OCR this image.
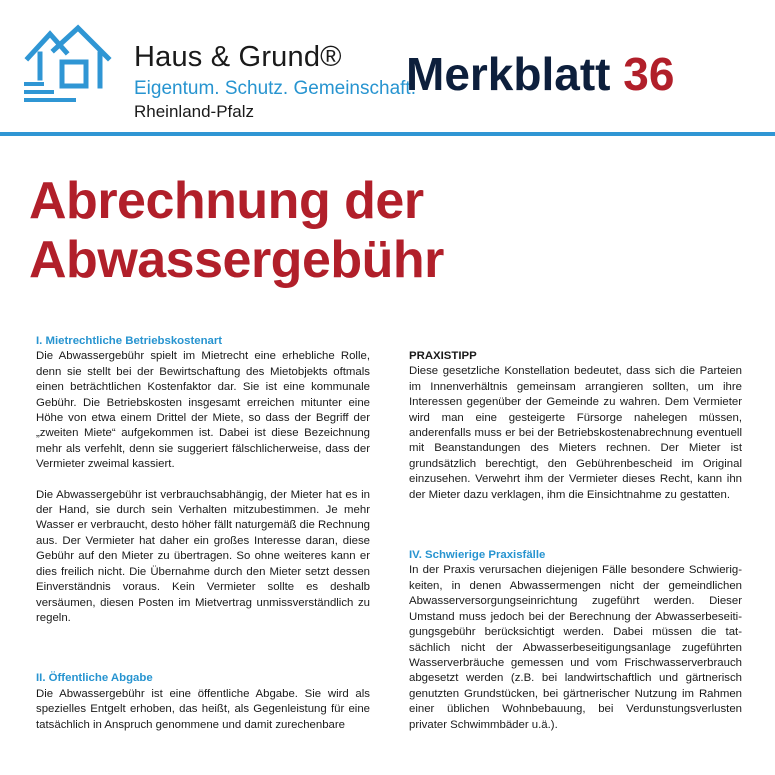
Haus & Grund®
Eigentum. Schutz. Gemeinschaft.
Rheinland-Pfalz
Merkblatt 36
Abrechnung der
Abwassergebühr

I. Mietrechtliche Betriebskostenart

Die Abwassergebühr spielt im Mietrecht eine erhebliche Rolle, denn sie stellt bei der Bewirtschaftung des Mietobjekts oftmals einen beträchtlichen Kostenfaktor dar. Sie ist eine kommunale Gebühr. Die Betriebskosten insgesamt erreichen mitunter eine Höhe von etwa einem Drittel der Miete, so dass der Begriff der „zweiten Miete“ aufgekommen ist. Dabei ist diese Bezeichnung mehr als verfehlt, denn sie suggeriert fälschlicherweise, dass der Vermieter zweimal kassiert.

Die Abwassergebühr ist verbrauchsabhängig, der Mieter hat es in der Hand, sie durch sein Verhalten mitzubestimmen. Je mehr Wasser er verbraucht, desto höher fällt naturgemäß die Rechnung aus. Der Vermieter hat daher ein großes Interesse daran, diese Gebühr auf den Mieter zu übertragen. So ohne weiteres kann er dies freilich nicht. Die Übernahme durch den Mieter setzt dessen Einverständnis voraus. Kein Vermieter sollte es deshalb versäumen, diesen Posten im Mietvertrag unmissverständlich zu regeln.

II. Öffentliche Abgabe

Die Abwassergebühr ist eine öffentliche Abgabe. Sie wird als spezielles Entgelt erhoben, das heißt, als Gegenleistung für eine tatsächlich in Anspruch genommene und damit zurechenbare

PRAXISTIPP

Diese gesetzliche Konstellation bedeutet, dass sich die Parteien im Innenverhältnis gemeinsam arrangieren sollten, um ihre Interessen gegenüber der Gemeinde zu wahren. Dem Vermieter wird man eine gesteigerte Fürsorge nahelegen müssen, anderenfalls muss er bei der Betriebskostenabrechnung eventuell mit Beanstandungen des Mieters rechnen. Der Mieter ist grundsätzlich berechtigt, den Gebührenbescheid im Original einzusehen. Verwehrt ihm der Vermieter dieses Recht, kann ihn der Mieter dazu verklagen, ihm die Einsichtnahme zu gestatten.

IV. Schwierige Praxisfälle

In der Praxis verursachen diejenigen Fälle besondere Schwierigkeiten, in denen Abwassermengen nicht der gemeindlichen Abwasserversorgungseinrichtung zugeführt werden. Dieser Umstand muss jedoch bei der Berechnung der Abwasserbeseitigungsgebühr berücksichtigt werden. Dabei müssen die tatsächlich nicht der Abwasserbeseitigungsanlage zugeführten Wasserverbräuche gemessen und vom Frischwasserverbrauch abgesetzt werden (z.B. bei landwirtschaftlich und gärtnerisch genutzten Grundstücken, bei gärtnerischer Nutzung im Rahmen einer üblichen Wohnbebauung, bei Verdunstungsverlusten privater Schwimmbäder u.ä.).
